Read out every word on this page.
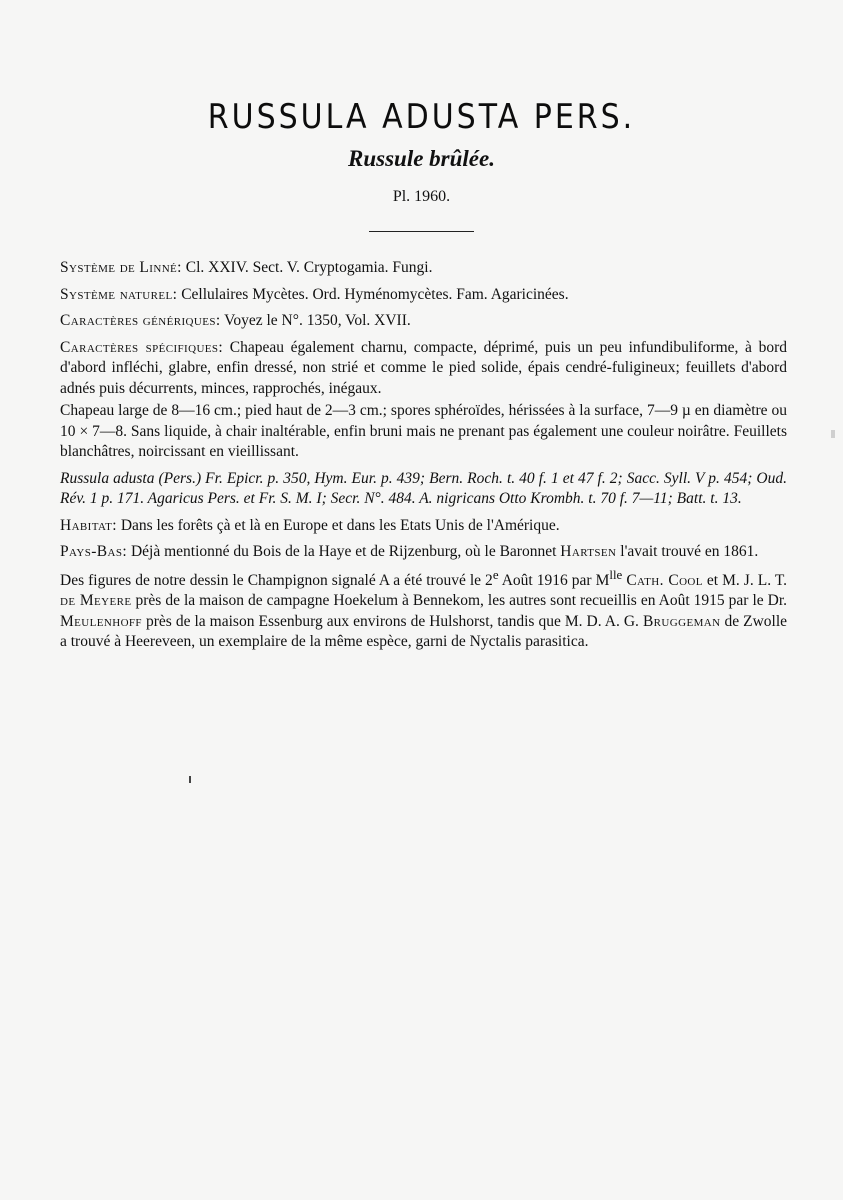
RUSSULA ADUSTA PERS.
Russule brûlée.
Pl. 1960.

Système de Linné: Cl. XXIV. Sect. V. Cryptogamia. Fungi.

Système naturel: Cellulaires Mycètes. Ord. Hyménomycètes. Fam. Agaricinées.

Caractères génériques: Voyez le N°. 1350, Vol. XVII.

Caractères spécifiques: Chapeau également charnu, compacte, déprimé, puis un peu infundibuliforme, à bord d'abord infléchi, glabre, enfin dressé, non strié et comme le pied solide, épais cendré-fuligineux; feuillets d'abord adnés puis décurrents, minces, rapprochés, inégaux.

Chapeau large de 8—16 cm.; pied haut de 2—3 cm.; spores sphéroïdes, hérissées à la surface, 7—9 µ en diamètre ou 10 × 7—8. Sans liquide, à chair inaltérable, enfin bruni mais ne prenant pas également une couleur noirâtre. Feuillets blanchâtres, noircissant en vieillissant.

Russula adusta (Pers.) Fr. Epicr. p. 350, Hym. Eur. p. 439; Bern. Roch. t. 40 f. 1 et 47 f. 2; Sacc. Syll. V p. 454; Oud. Rév. 1 p. 171. Agaricus Pers. et Fr. S. M. I; Secr. N°. 484. A. nigricans Otto Krombh. t. 70 f. 7—11; Batt. t. 13.

Habitat: Dans les forêts çà et là en Europe et dans les Etats Unis de l'Amérique.

Pays-Bas: Déjà mentionné du Bois de la Haye et de Rijzenburg, où le Baronnet Hartsen l'avait trouvé en 1861.

Des figures de notre dessin le Champignon signalé A a été trouvé le 2e Août 1916 par $M^{lle}$ Cath. Cool et M. J. L. T. de Meyere près de la maison de campagne Hoekelum à Bennekom, les autres sont recueillis en Août 1915 par le Dr. Meulenhoff près de la maison Essenburg aux environs de Hulshorst, tandis que M. D. A. G. Bruggeman de Zwolle a trouvé à Heereveen, un exemplaire de la même espèce, garni de Nyctalis parasitica.
